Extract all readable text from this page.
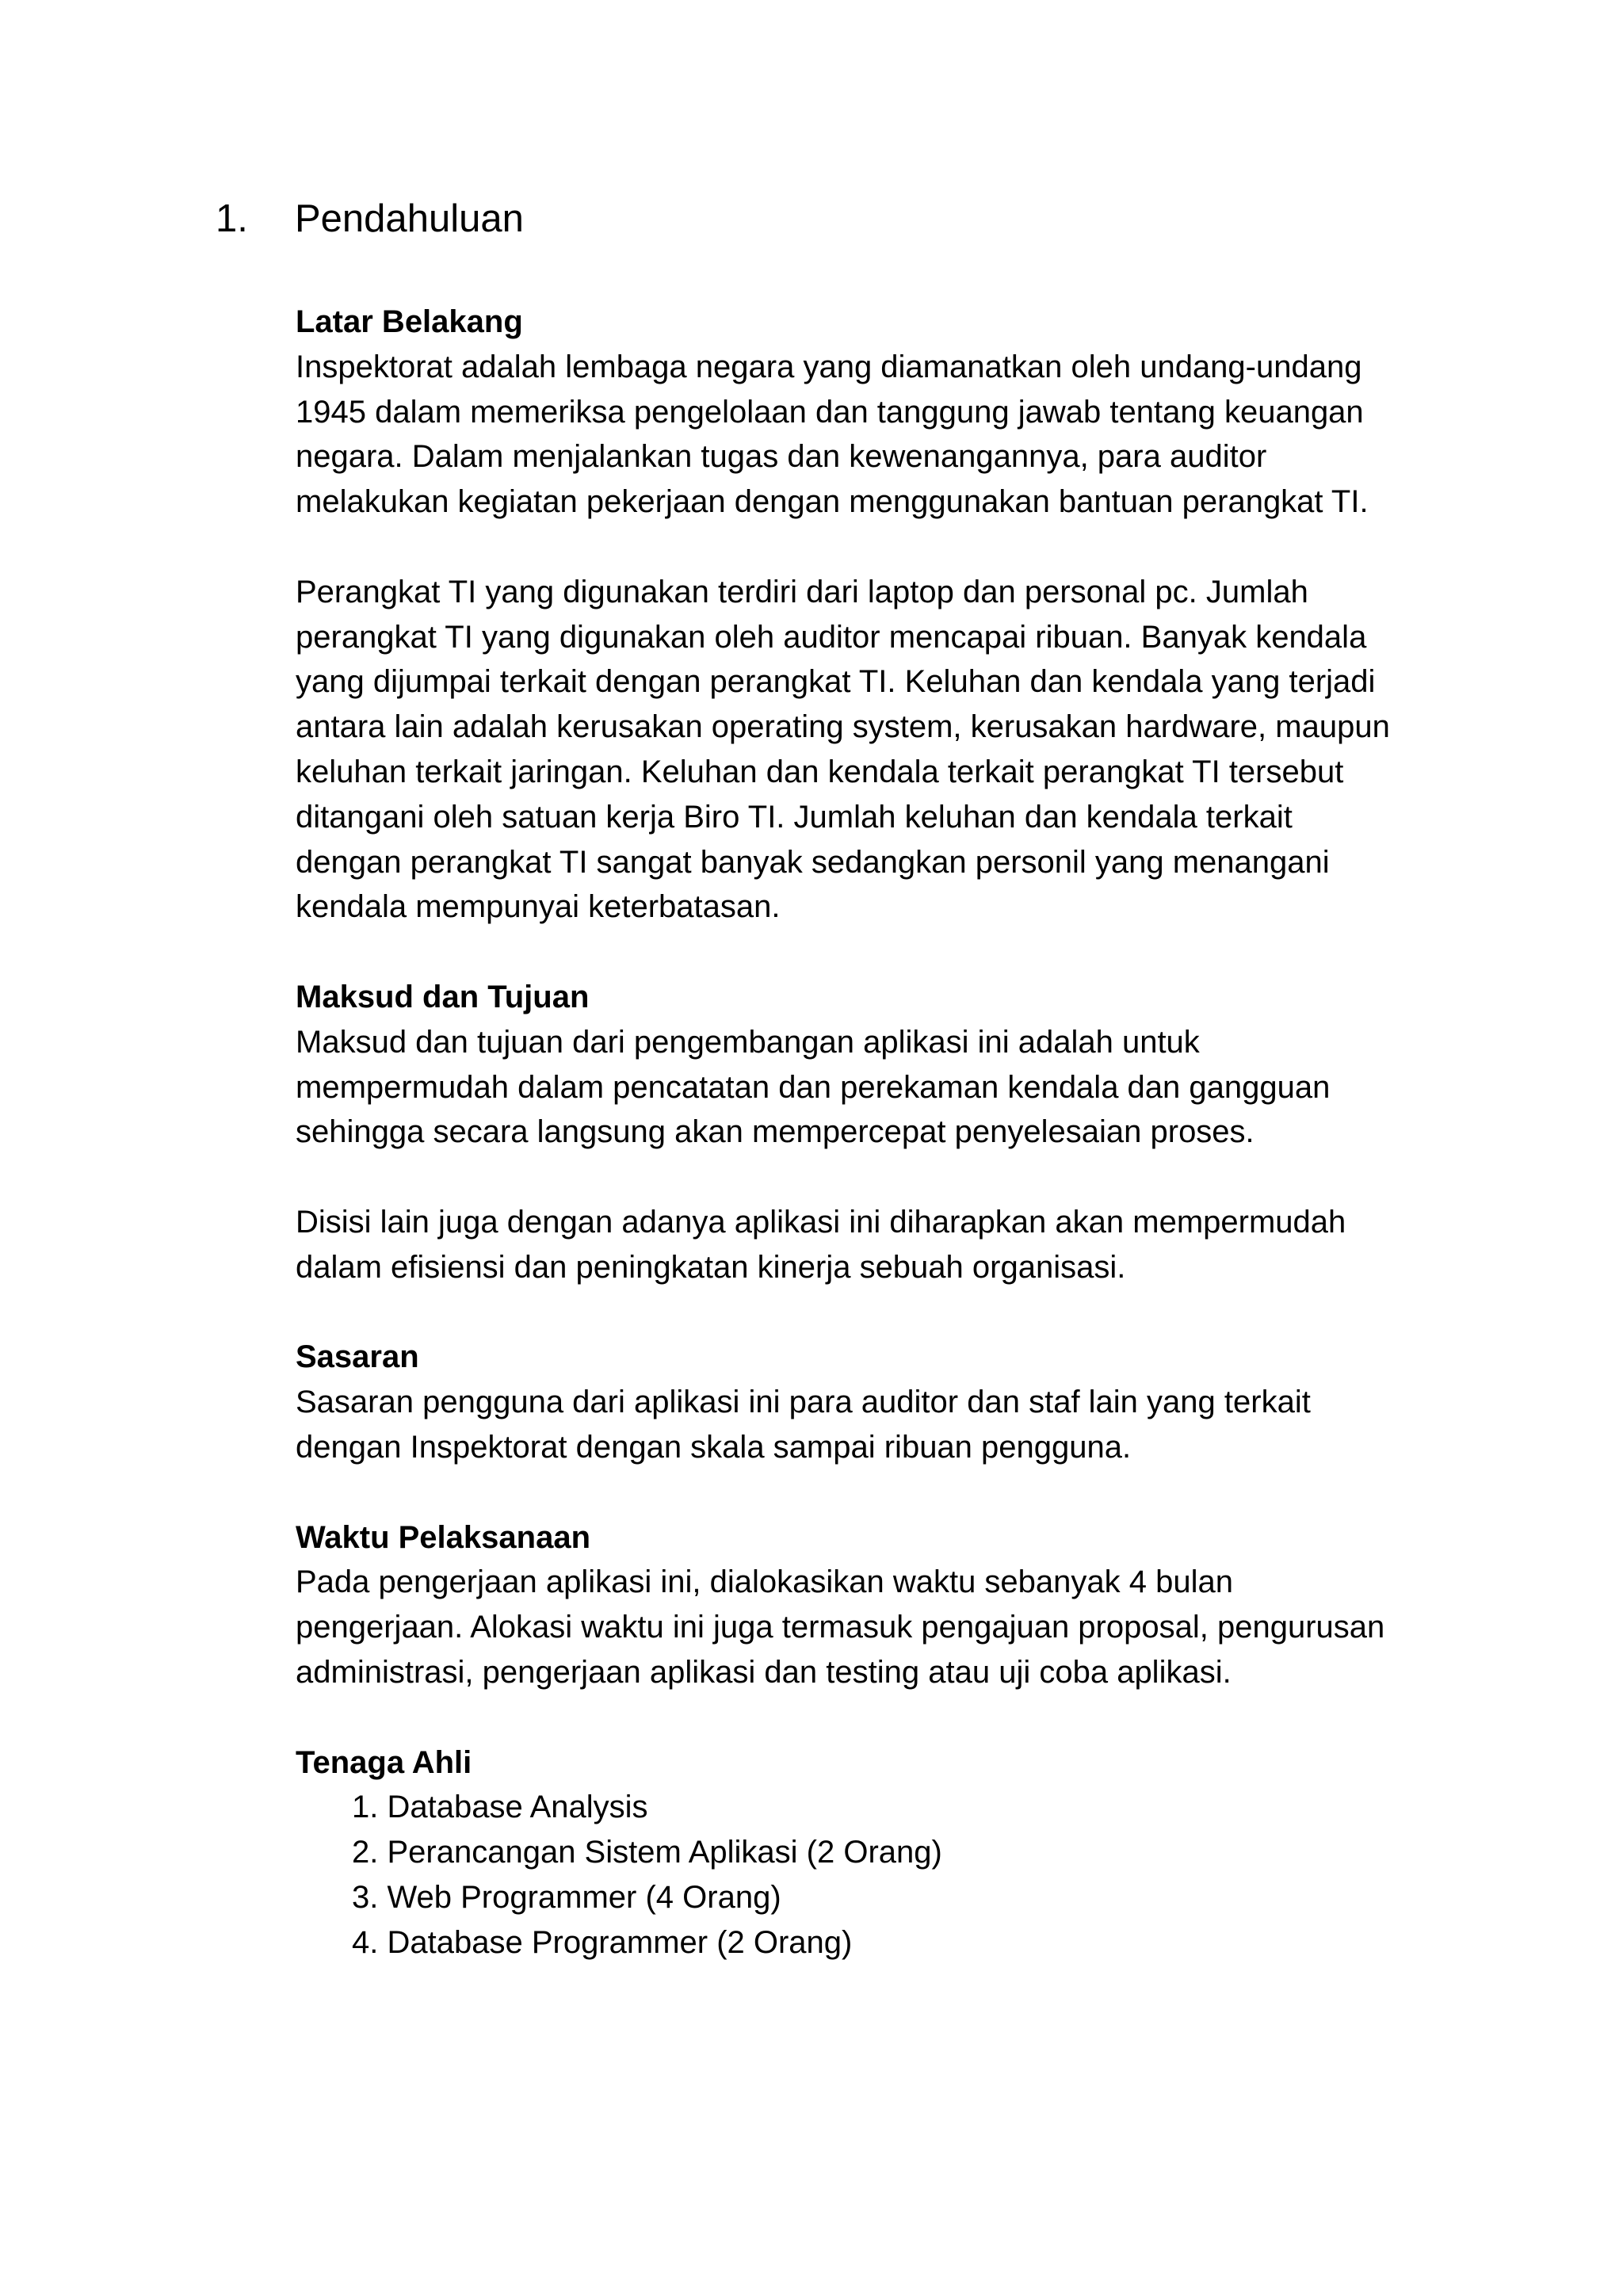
1. Pendahuluan

Latar Belakang

Inspektorat adalah lembaga negara yang diamanatkan oleh undang-undang
1945 dalam memeriksa pengelolaan dan tanggung jawab tentang keuangan
negara. Dalam menjalankan tugas dan kewenangannya, para auditor
melakukan kegiatan pekerjaan dengan menggunakan bantuan perangkat TI.

Perangkat TI yang digunakan terdiri dari laptop dan personal pc. Jumlah
perangkat TI yang digunakan oleh auditor mencapai ribuan. Banyak kendala
yang dijumpai terkait dengan perangkat TI. Keluhan dan kendala yang terjadi
antara lain adalah kerusakan operating system, kerusakan hardware, maupun
keluhan terkait jaringan. Keluhan dan kendala terkait perangkat TI tersebut
ditangani oleh satuan kerja Biro TI. Jumlah keluhan dan kendala terkait
dengan perangkat TI sangat banyak sedangkan personil yang menangani
kendala mempunyai keterbatasan.

Maksud dan Tujuan

Maksud dan tujuan dari pengembangan aplikasi ini adalah untuk
mempermudah dalam pencatatan dan perekaman kendala dan gangguan
sehingga secara langsung akan mempercepat penyelesaian proses.

Disisi lain juga dengan adanya aplikasi ini diharapkan akan mempermudah
dalam efisiensi dan peningkatan kinerja sebuah organisasi.

Sasaran

Sasaran pengguna dari aplikasi ini para auditor dan staf lain yang terkait
dengan Inspektorat dengan skala sampai ribuan pengguna.

Waktu Pelaksanaan

Pada pengerjaan aplikasi ini, dialokasikan waktu sebanyak 4 bulan
pengerjaan. Alokasi waktu ini juga termasuk pengajuan proposal, pengurusan
administrasi, pengerjaan aplikasi dan testing atau uji coba aplikasi.

Tenaga Ahli

1. Database Analysis
2. Perancangan Sistem Aplikasi (2 Orang)
3. Web Programmer (4 Orang)
4. Database Programmer (2 Orang)
